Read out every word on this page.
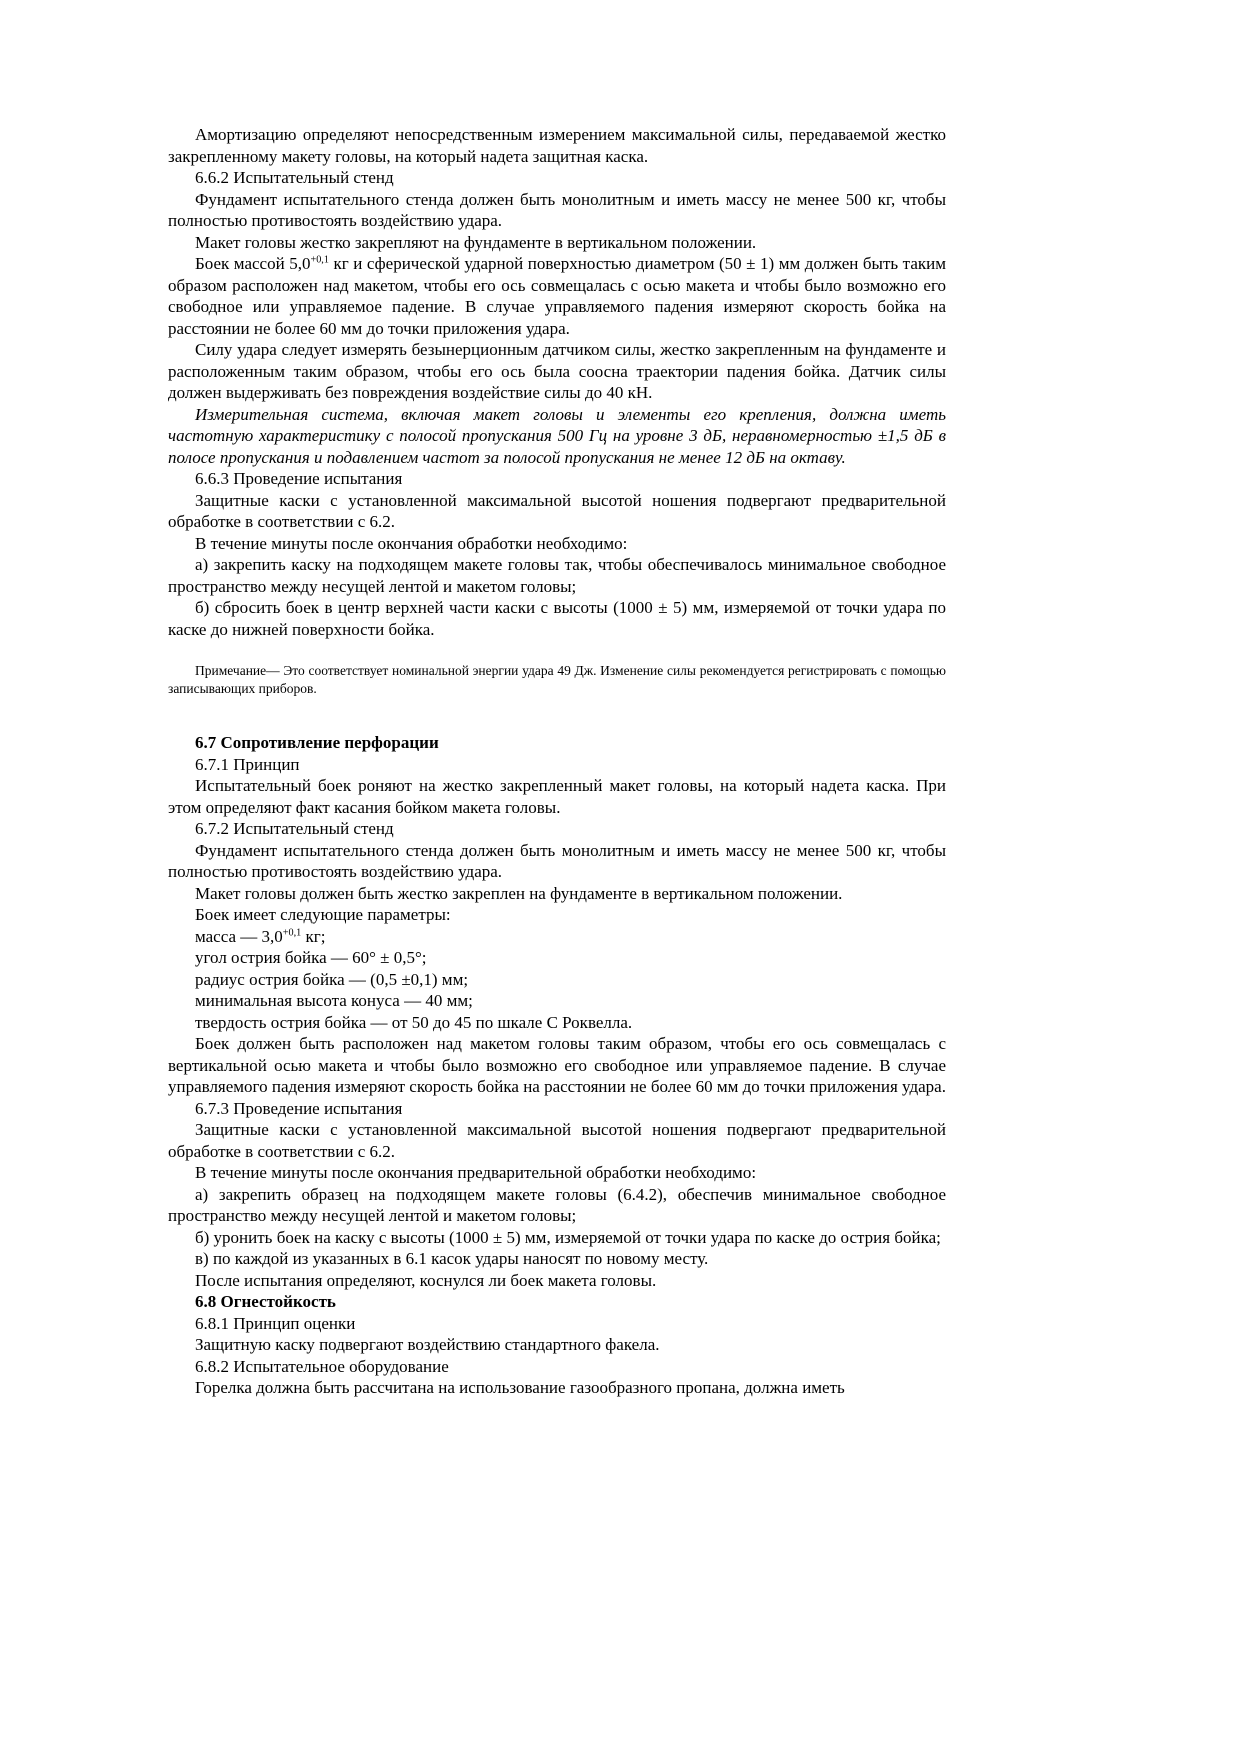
Амортизацию определяют непосредственным измерением максимальной силы, передаваемой жестко закрепленному макету головы, на который надета защитная каска.

6.6.2 Испытательный стенд

Фундамент испытательного стенда должен быть монолитным и иметь массу не менее 500 кг, чтобы полностью противостоять воздействию удара.

Макет головы жестко закрепляют на фундаменте в вертикальном положении.

Боек массой $5,0^{+0,1}$ кг и сферической ударной поверхностью диаметром (50 ± 1) мм должен быть таким образом расположен над макетом, чтобы его ось совмещалась с осью макета и чтобы было возможно его свободное или управляемое падение. В случае управляемого падения измеряют скорость бойка на расстоянии не более 60 мм до точки приложения удара.

Силу удара следует измерять безынерционным датчиком силы, жестко закрепленным на фундаменте и расположенным таким образом, чтобы его ось была соосна траектории падения бойка. Датчик силы должен выдерживать без повреждения воздействие силы до 40 кН.

Измерительная система, включая макет головы и элементы его крепления, должна иметь частотную характеристику с полосой пропускания 500 Гц на уровне 3 дБ, неравномерностью ±1,5 дБ в полосе пропускания и подавлением частот за полосой пропускания не менее 12 дБ на октаву.

6.6.3 Проведение испытания

Защитные каски с установленной максимальной высотой ношения подвергают предварительной обработке в соответствии с 6.2.

В течение минуты после окончания обработки необходимо:

а) закрепить каску на подходящем макете головы так, чтобы обеспечивалось минимальное свободное пространство между несущей лентой и макетом головы;

б) сбросить боек в центр верхней части каски с высоты (1000 ± 5) мм, измеряемой от точки удара по каске до нижней поверхности бойка.

Примечание— Это соответствует номинальной энергии удара 49 Дж. Изменение силы рекомендуется регистрировать с помощью записывающих приборов.

6.7 Сопротивление перфорации

6.7.1 Принцип

Испытательный боек роняют на жестко закрепленный макет головы, на который надета каска. При этом определяют факт касания бойком макета головы.

6.7.2 Испытательный стенд

Фундамент испытательного стенда должен быть монолитным и иметь массу не менее 500 кг, чтобы полностью противостоять воздействию удара.

Макет головы должен быть жестко закреплен на фундаменте в вертикальном положении.

Боек имеет следующие параметры:

масса — $3,0^{+0,1}$ кг;

угол острия бойка — 60° ± 0,5°;

радиус острия бойка — (0,5 ±0,1) мм;

минимальная высота конуса — 40 мм;

твердость острия бойка — от 50 до 45 по шкале С Роквелла.

Боек должен быть расположен над макетом головы таким образом, чтобы его ось совмещалась с вертикальной осью макета и чтобы было возможно его свободное или управляемое падение. В случае управляемого падения измеряют скорость бойка на расстоянии не более 60 мм до точки приложения удара.

6.7.3 Проведение испытания

Защитные каски с установленной максимальной высотой ношения подвергают предварительной обработке в соответствии с 6.2.

В течение минуты после окончания предварительной обработки необходимо:

а) закрепить образец на подходящем макете головы (6.4.2), обеспечив минимальное свободное пространство между несущей лентой и макетом головы;

б) уронить боек на каску с высоты (1000 ± 5) мм, измеряемой от точки удара по каске до острия бойка;

в) по каждой из указанных в 6.1 касок удары наносят по новому месту.

После испытания определяют, коснулся ли боек макета головы.

6.8 Огнестойкость

6.8.1 Принцип оценки

Защитную каску подвергают воздействию стандартного факела.

6.8.2 Испытательное оборудование

Горелка должна быть рассчитана на использование газообразного пропана, должна иметь
